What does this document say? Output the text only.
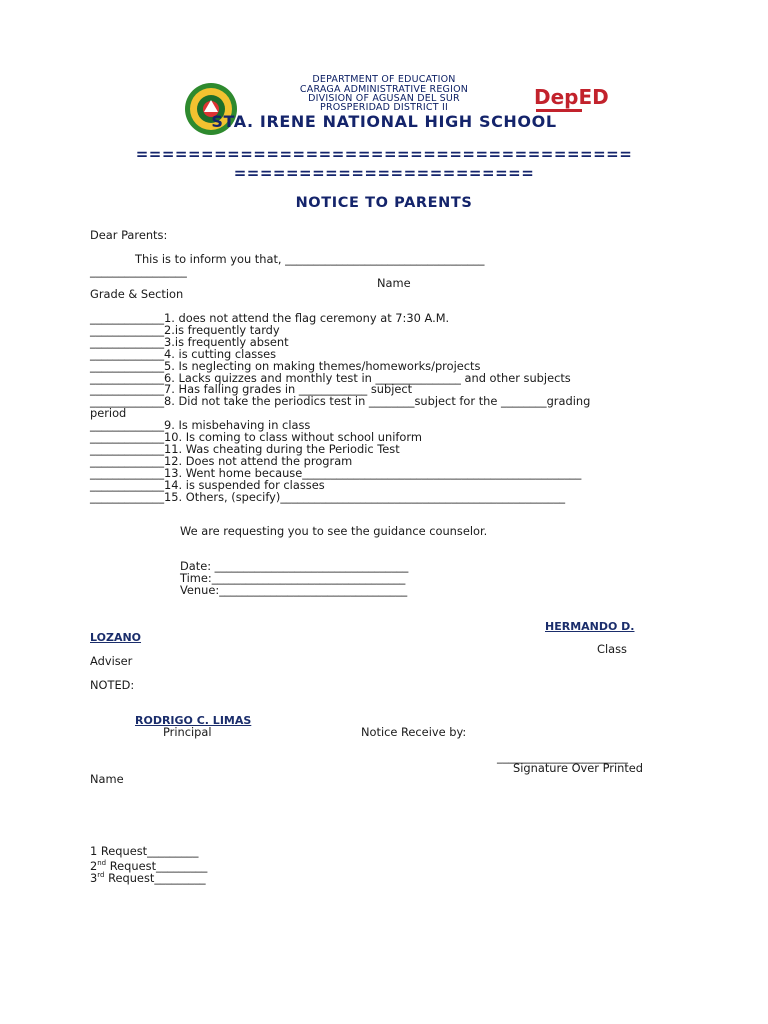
DepED
DEPARTMENT OF EDUCATION
CARAGA ADMINISTRATIVE REGION
DIVISION OF AGUSAN DEL SUR
PROSPERIDAD DISTRICT II
STA. IRENE NATIONAL HIGH SCHOOL
======================================
=======================
NOTICE TO PARENTS
Dear Parents:
This is to inform you that, ___________________________________
_________________
Name
Grade & Section
_____________1. does not attend the flag ceremony at 7:30 A.M.
_____________2.is frequently tardy
_____________3.is frequently absent
_____________4. is cutting classes
_____________5. Is neglecting on making themes/homeworks/projects
_____________6. Lacks quizzes and monthly test in _______________ and other subjects
_____________7. Has falling grades in ____________ subject
_____________8. Did not take the periodics test in ________subject for the ________grading
period
_____________9. Is misbehaving in class
_____________10. Is coming to class without school uniform
_____________11. Was cheating during the Periodic Test
_____________12. Does not attend the program
_____________13. Went home because_________________________________________________
_____________14. is suspended for classes
_____________15. Others, (specify)__________________________________________________
We are requesting you to see the guidance counselor.
Date: __________________________________
Time:__________________________________
Venue:_________________________________
HERMANDO D.
LOZANO
Class
Adviser
NOTED:
RODRIGO C. LIMAS
Principal	Notice Receive by:
_______________________
Signature Over Printed
Name
1 Request_________
2nd Request_________
3rd Request_________
